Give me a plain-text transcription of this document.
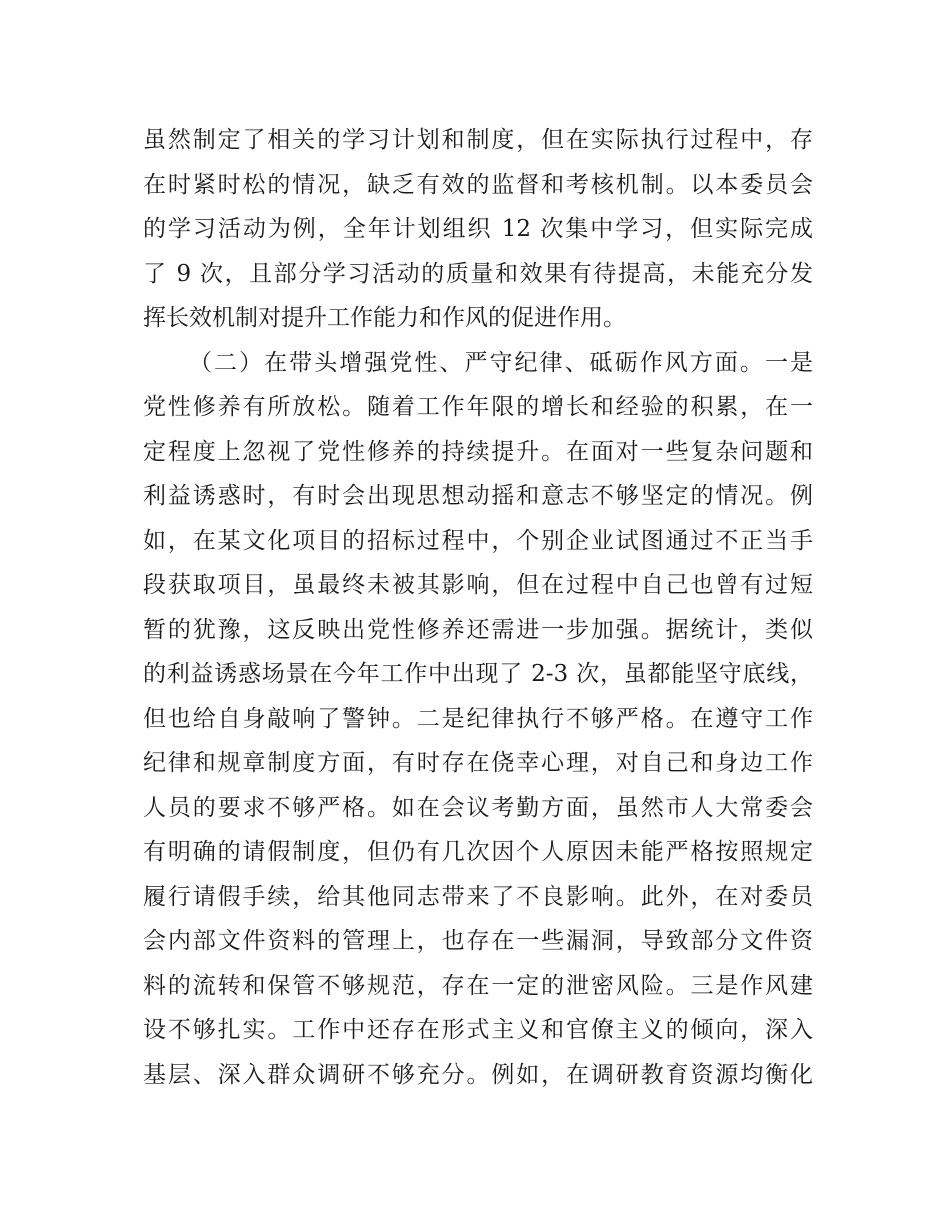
虽然制定了相关的学习计划和制度，但在实际执行过程中，存
在时紧时松的情况，缺乏有效的监督和考核机制。以本委员会
的学习活动为例，全年计划组织 12 次集中学习，但实际完成
了 9 次，且部分学习活动的质量和效果有待提高，未能充分发
挥长效机制对提升工作能力和作风的促进作用。
（二）在带头增强党性、严守纪律、砥砺作风方面。一是
党性修养有所放松。随着工作年限的增长和经验的积累，在一
定程度上忽视了党性修养的持续提升。在面对一些复杂问题和
利益诱惑时，有时会出现思想动摇和意志不够坚定的情况。例
如，在某文化项目的招标过程中，个别企业试图通过不正当手
段获取项目，虽最终未被其影响，但在过程中自己也曾有过短
暂的犹豫，这反映出党性修养还需进一步加强。据统计，类似
的利益诱惑场景在今年工作中出现了 2-3 次，虽都能坚守底线，
但也给自身敲响了警钟。二是纪律执行不够严格。在遵守工作
纪律和规章制度方面，有时存在侥幸心理，对自己和身边工作
人员的要求不够严格。如在会议考勤方面，虽然市人大常委会
有明确的请假制度，但仍有几次因个人原因未能严格按照规定
履行请假手续，给其他同志带来了不良影响。此外，在对委员
会内部文件资料的管理上，也存在一些漏洞，导致部分文件资
料的流转和保管不够规范，存在一定的泄密风险。三是作风建
设不够扎实。工作中还存在形式主义和官僚主义的倾向，深入
基层、深入群众调研不够充分。例如，在调研教育资源均衡化
